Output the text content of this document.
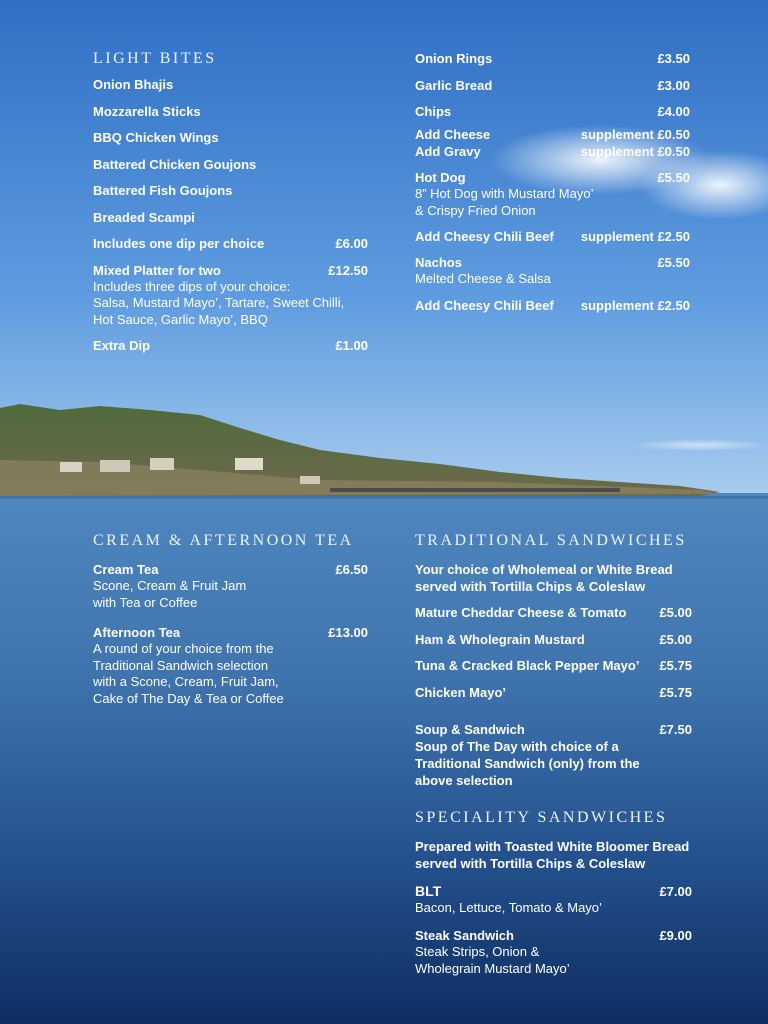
LIGHT BITES
Onion Bhajis
Mozzarella Sticks
BBQ Chicken Wings
Battered Chicken Goujons
Battered Fish Goujons
Breaded Scampi
Includes one dip per choice	£6.00
Mixed Platter for two	£12.50
Includes three dips of your choice:
Salsa, Mustard Mayo’, Tartare, Sweet Chilli,
Hot Sauce, Garlic Mayo’, BBQ
Extra Dip	£1.00
Onion Rings	£3.50
Garlic Bread	£3.00
Chips	£4.00
Add Cheese	supplement £0.50
Add Gravy	supplement £0.50
Hot Dog	£5.50
8” Hot Dog with Mustard Mayo’
& Crispy Fried Onion
Add Cheesy Chili Beef supplement £2.50
Nachos	£5.50
Melted Cheese & Salsa
Add Cheesy Chili Beef supplement £2.50
CREAM & AFTERNOON TEA
Cream Tea	£6.50
Scone, Cream & Fruit Jam
with Tea or Coffee
Afternoon Tea	£13.00
A round of your choice from the
Traditional Sandwich selection
with a Scone, Cream, Fruit Jam,
Cake of The Day & Tea or Coffee
TRADITIONAL SANDWICHES
Your choice of Wholemeal or White Bread
served with Tortilla Chips & Coleslaw
Mature Cheddar Cheese & Tomato	£5.00
Ham & Wholegrain Mustard	£5.00
Tuna & Cracked Black Pepper Mayo’ £5.75
Chicken Mayo’	£5.75
Soup & Sandwich	£7.50
Soup of The Day with choice of a
Traditional Sandwich (only) from the
above selection
SPECIALITY SANDWICHES
Prepared with Toasted White Bloomer Bread
served with Tortilla Chips & Coleslaw
BLT	£7.00
Bacon, Lettuce, Tomato & Mayo’
Steak Sandwich	£9.00
Steak Strips, Onion &
Wholegrain Mustard Mayo’
